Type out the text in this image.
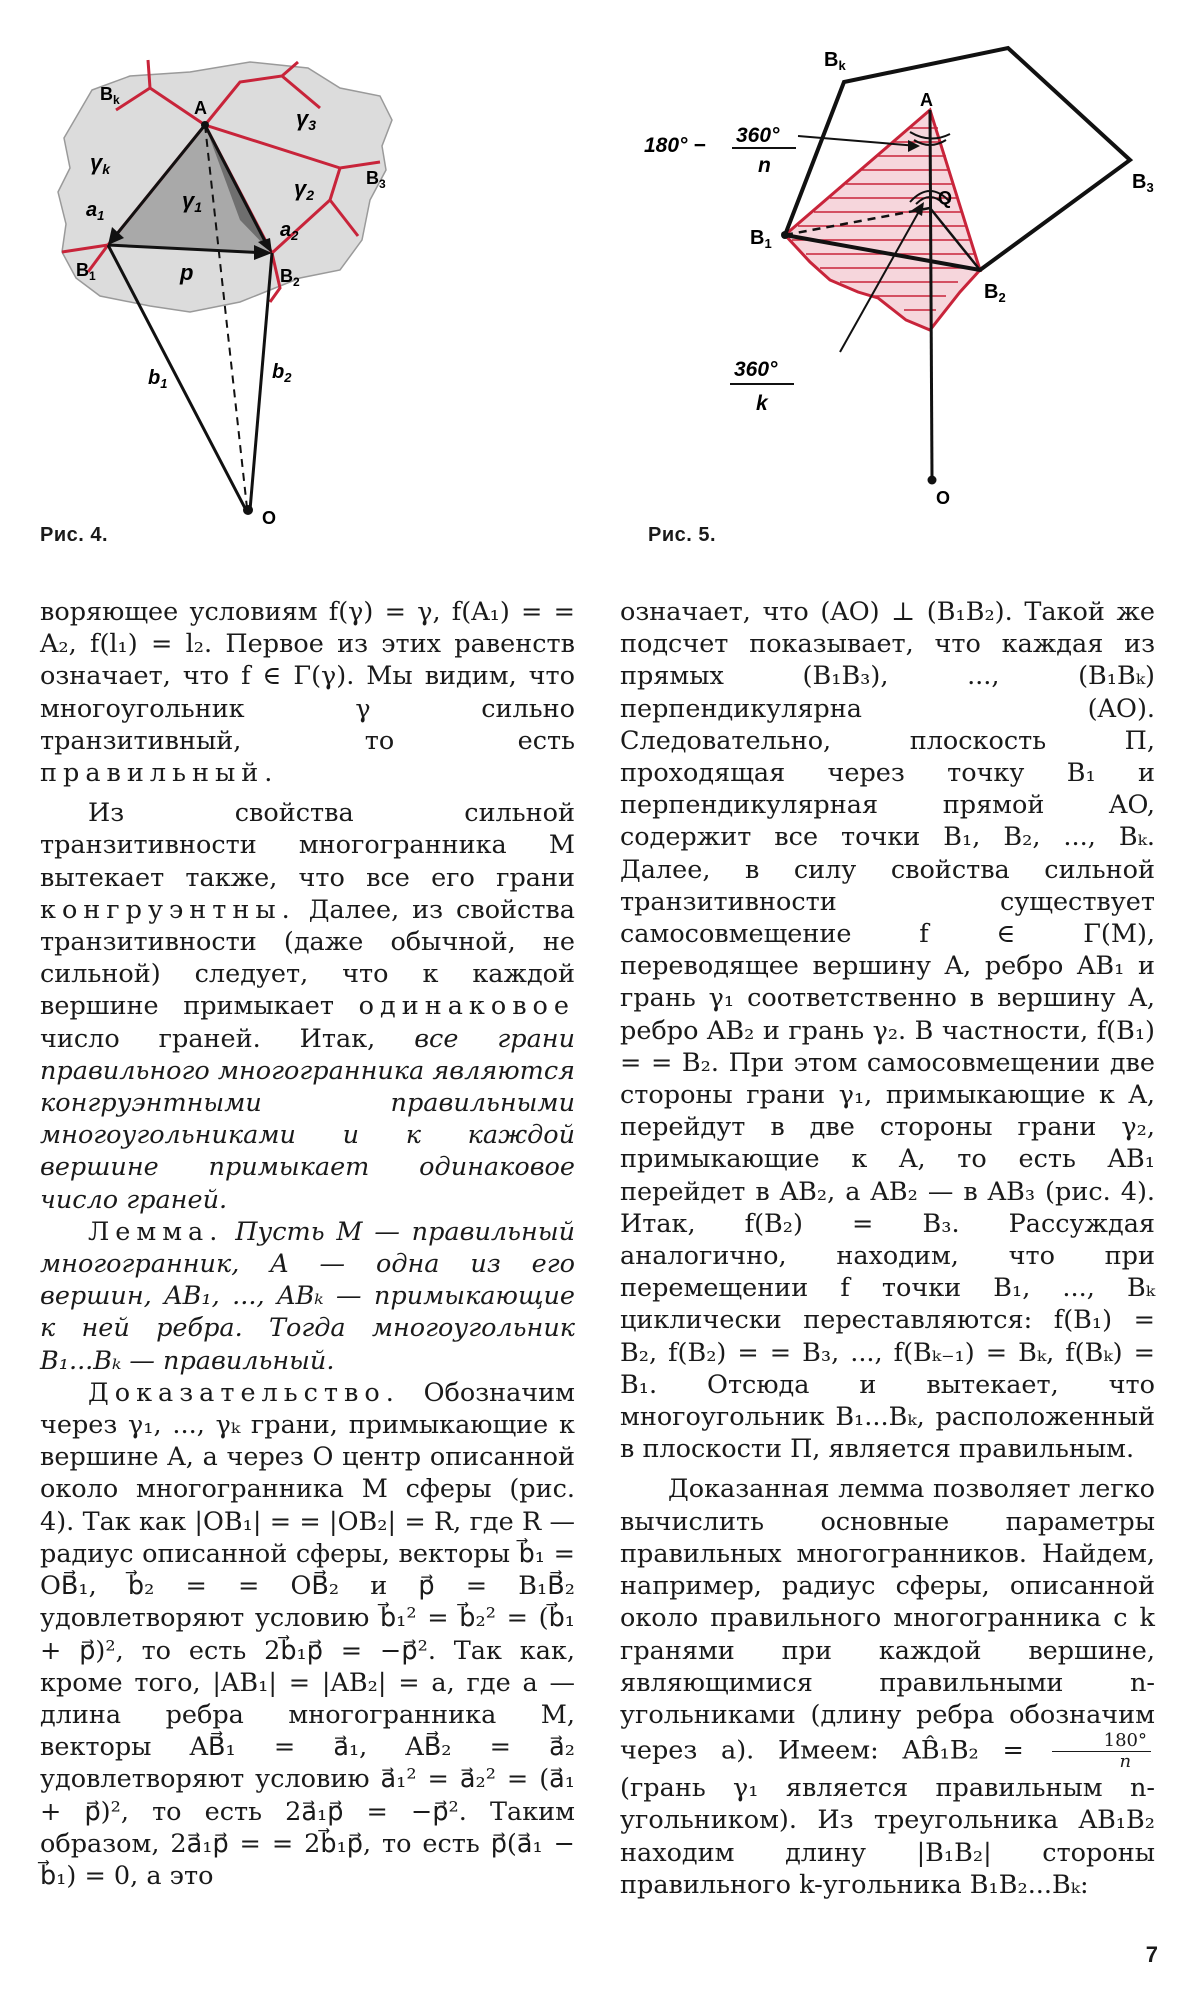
$B_k$	A	γ3
γk
γ1
γ2
$B_3$
$a_1$
$a_2$
$B_1$	p	$B_2$
$b_1$
$b_2$
O
Рис. 4.
$B_k$
A
180° − 360°
n
Q
$B_1$
$B_3$
$B_2$
360°
k
O
Рис. 5.

воряющее условиям f(γ) = γ, f(A₁) = = A₂, f(l₁) = l₂. Первое из этих равенств означает, что f ∈ Γ(γ). Мы видим, что многоугольник γ сильно транзитивный, то есть правильный.

Из свойства сильной транзитивности многогранника M вытекает также, что все его грани конгруэнтны. Далее, из свойства транзитивности (даже обычной, не сильной) следует, что к каждой вершине примыкает одинаковое число граней. Итак, все грани правильного многогранника являются конгруэнтными правильными многоугольниками и к каждой вершине примыкает одинаковое число граней.

Лемма. Пусть M — правильный многогранник, A — одна из его вершин, AB₁, ..., ABₖ — примыкающие к ней ребра. Тогда многоугольник B₁...Bₖ — правильный.

Доказательство. Обозначим через γ₁, ..., γₖ грани, примыкающие к вершине A, а через O центр описанной около многогранника M сферы (рис. 4). Так как |OB₁| = = |OB₂| = R, где R — радиус описанной сферы, векторы b⃗₁ = OB⃗₁, b⃗₂ = = OB⃗₂ и p⃗ = B₁B⃗₂ удовлетворяют условию b⃗₁² = b⃗₂² = (b⃗₁ + p⃗)², то есть 2b⃗₁p⃗ = −p⃗². Так как, кроме того, |AB₁| = |AB₂| = a, где a — длина ребра многогранника M, векторы AB⃗₁ = a⃗₁, AB⃗₂ = a⃗₂ удовлетворяют условию a⃗₁² = a⃗₂² = (a⃗₁ + p⃗)², то есть 2a⃗₁p⃗ = −p⃗². Таким образом, 2a⃗₁p⃗ = = 2b⃗₁p⃗, то есть p⃗(a⃗₁ − b⃗₁) = 0, а это

означает, что (AO) ⊥ (B₁B₂). Такой же подсчет показывает, что каждая из прямых (B₁B₃), ..., (B₁Bₖ) перпендикулярна (AO). Следовательно, плоскость Π, проходящая через точку B₁ и перпендикулярная прямой AO, содержит все точки B₁, B₂, ..., Bₖ. Далее, в силу свойства сильной транзитивности существует самосовмещение f ∈ Γ(M), переводящее вершину A, ребро AB₁ и грань γ₁ соответственно в вершину A, ребро AB₂ и грань γ₂. В частности, f(B₁) = = B₂. При этом самосовмещении две стороны грани γ₁, примыкающие к A, перейдут в две стороны грани γ₂, примыкающие к A, то есть AB₁ перейдет в AB₂, а AB₂ — в AB₃ (рис. 4). Итак, f(B₂) = B₃. Рассуждая аналогично, находим, что при перемещении f точки B₁, ..., Bₖ циклически переставляются: f(B₁) = B₂, f(B₂) = = B₃, ..., f(Bₖ₋₁) = Bₖ, f(Bₖ) = B₁. Отсюда и вытекает, что многоугольник B₁...Bₖ, расположенный в плоскости Π, является правильным.

Доказанная лемма позволяет легко вычислить основные параметры правильных многогранников. Найдем, например, радиус сферы, описанной около правильного многогранника с k гранями при каждой вершине, являющимися правильными n-угольниками (длину ребра обозначим через a). Имеем: AB̂₁B₂ = $\frac{180^\circ}{n}$
(грань γ₁ является правильным n-угольником). Из треугольника AB₁B₂ находим длину |B₁B₂| стороны правильного k-угольника B₁B₂...Bₖ:

7
